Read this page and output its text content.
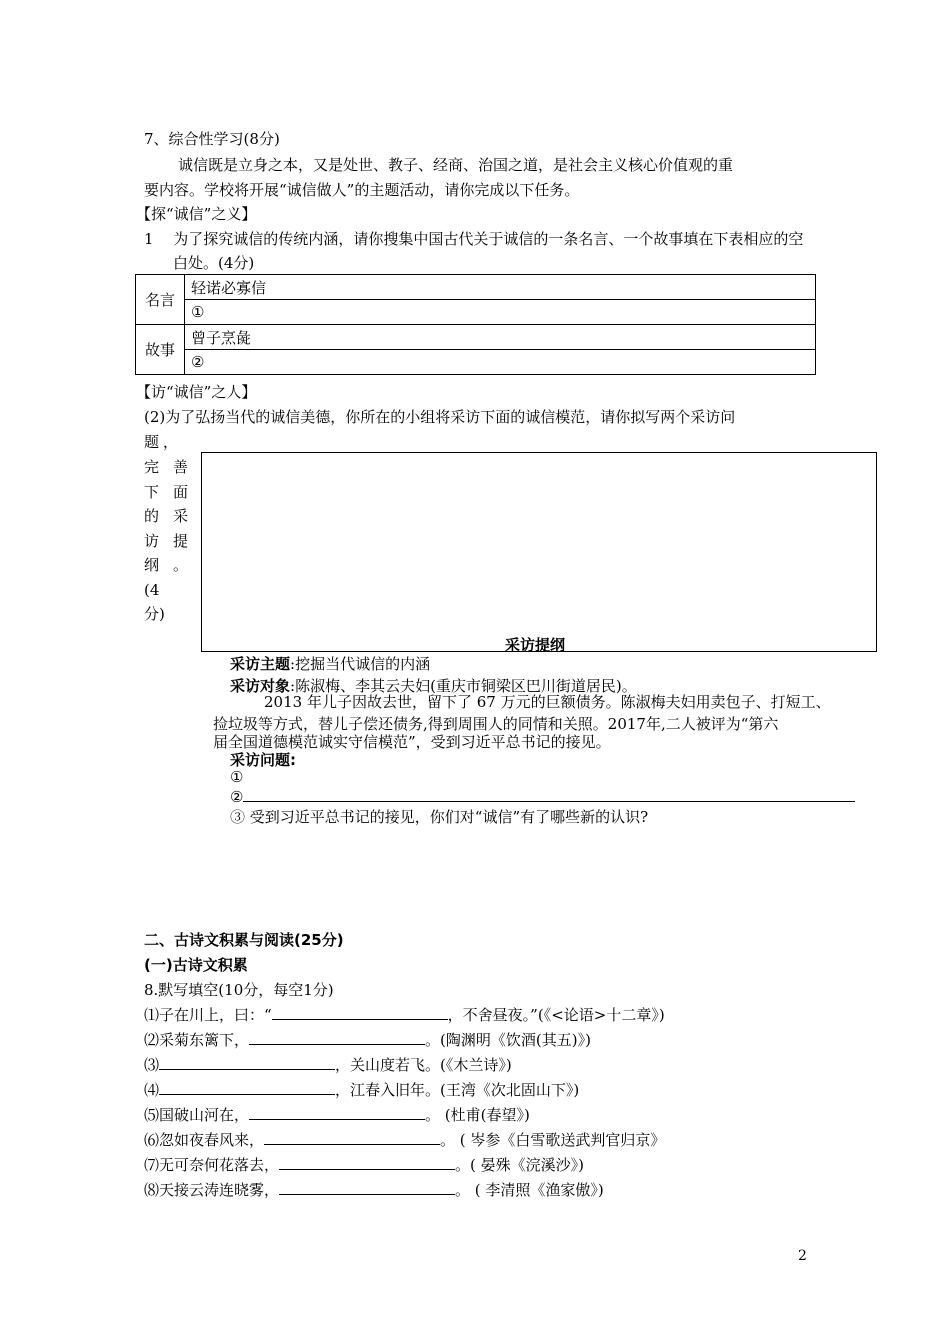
7、综合性学习(8分)
诚信既是立身之本，又是处世、教子、经商、治国之道，是社会主义核心价值观的重
要内容。学校将开展“诚信做人”的主题活动，请你完成以下任务。
【探“诚信”之义】
1　 为了探究诚信的传统内涵，请你搜集中国古代关于诚信的一条名言、一个故事填在下表相应的空
白处。(4分)
名言	轻诺必寡信
	①
故事	曾子烹彘
	②
【访“诚信”之人】
(2)为了弘扬当代的诚信美德，你所在的小组将采访下面的诚信模范，请你拟写两个采访问
题，
完 善
下 面
的 采
访 提
纲 。
(4
分)
采访提纲
采访主题:挖掘当代诚信的内涵
采访对象:陈淑梅、李其云夫妇(重庆市铜梁区巴川街道居民)。
2013 年儿子因故去世，留下了 67 万元的巨额债务。陈淑梅夫妇用卖包子、打短工、
捡垃圾等方式，替儿子偿还债务,得到周围人的同情和关照。2017年,二人被评为“第六
届全国道德模范诚实守信模范”，受到习近平总书记的接见。
采访问题:
①
②
③ 受到习近平总书记的接见，你们对“诚信”有了哪些新的认识?
二、古诗文积累与阅读(25分)
(一)古诗文积累
8.默写填空(10分，每空1分)
⑴子在川上，曰：“	，不舍昼夜。”(《<论语>十二章》)
⑵采菊东篱下，	。(陶渊明《饮酒(其五)》)
⑶	，关山度若飞。(《木兰诗》)
⑷	，江春入旧年。(王湾《次北固山下》)
⑸国破山河在，	。 (杜甫(春望》)
⑹忽如夜春风来，	。 ( 岑参《白雪歌送武判官归京》
⑺无可奈何花落去，	。( 晏殊《浣溪沙》)
⑻天接云涛连晓雾，	。 ( 李清照《渔家傲》)
2
